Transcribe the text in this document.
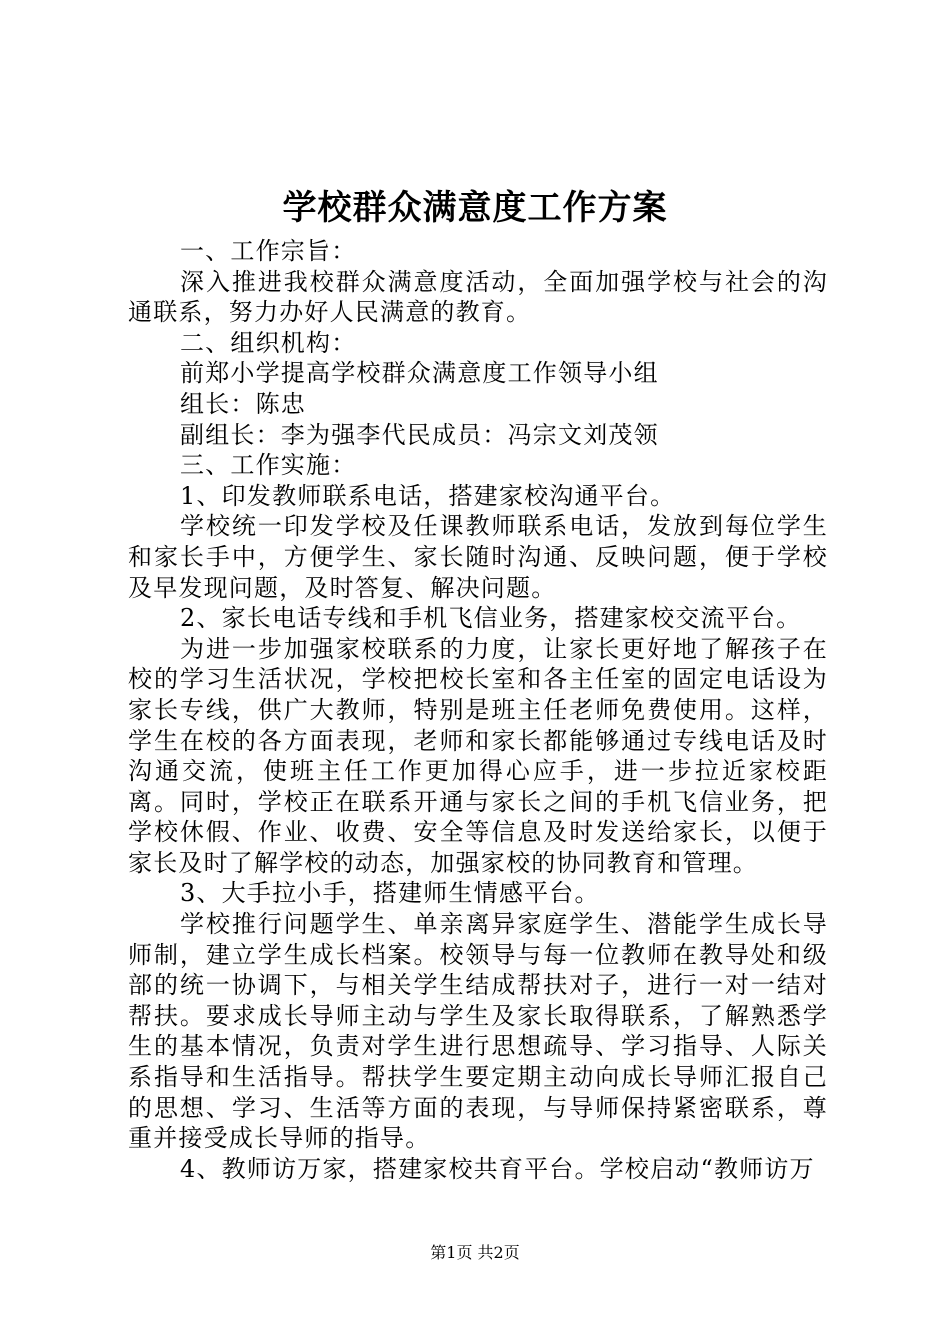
学校群众满意度工作方案

一、工作宗旨：

深入推进我校群众满意度活动，全面加强学校与社会的沟通联系，努力办好人民满意的教育。

二、组织机构：

前郑小学提高学校群众满意度工作领导小组

组长：陈忠

副组长：李为强李代民成员：冯宗文刘茂领

三、工作实施：

1、印发教师联系电话，搭建家校沟通平台。

学校统一印发学校及任课教师联系电话，发放到每位学生和家长手中，方便学生、家长随时沟通、反映问题，便于学校及早发现问题，及时答复、解决问题。

2、家长电话专线和手机飞信业务，搭建家校交流平台。

为进一步加强家校联系的力度，让家长更好地了解孩子在校的学习生活状况，学校把校长室和各主任室的固定电话设为家长专线，供广大教师，特别是班主任老师免费使用。这样，学生在校的各方面表现，老师和家长都能够通过专线电话及时沟通交流，使班主任工作更加得心应手，进一步拉近家校距离。同时，学校正在联系开通与家长之间的手机飞信业务，把学校休假、作业、收费、安全等信息及时发送给家长，以便于家长及时了解学校的动态，加强家校的协同教育和管理。

3、大手拉小手，搭建师生情感平台。

学校推行问题学生、单亲离异家庭学生、潜能学生成长导师制，建立学生成长档案。校领导与每一位教师在教导处和级部的统一协调下，与相关学生结成帮扶对子，进行一对一结对帮扶。要求成长导师主动与学生及家长取得联系，了解熟悉学生的基本情况，负责对学生进行思想疏导、学习指导、人际关系指导和生活指导。帮扶学生要定期主动向成长导师汇报自己的思想、学习、生活等方面的表现，与导师保持紧密联系，尊重并接受成长导师的指导。

4、教师访万家，搭建家校共育平台。学校启动“教师访万

第1页 共2页
